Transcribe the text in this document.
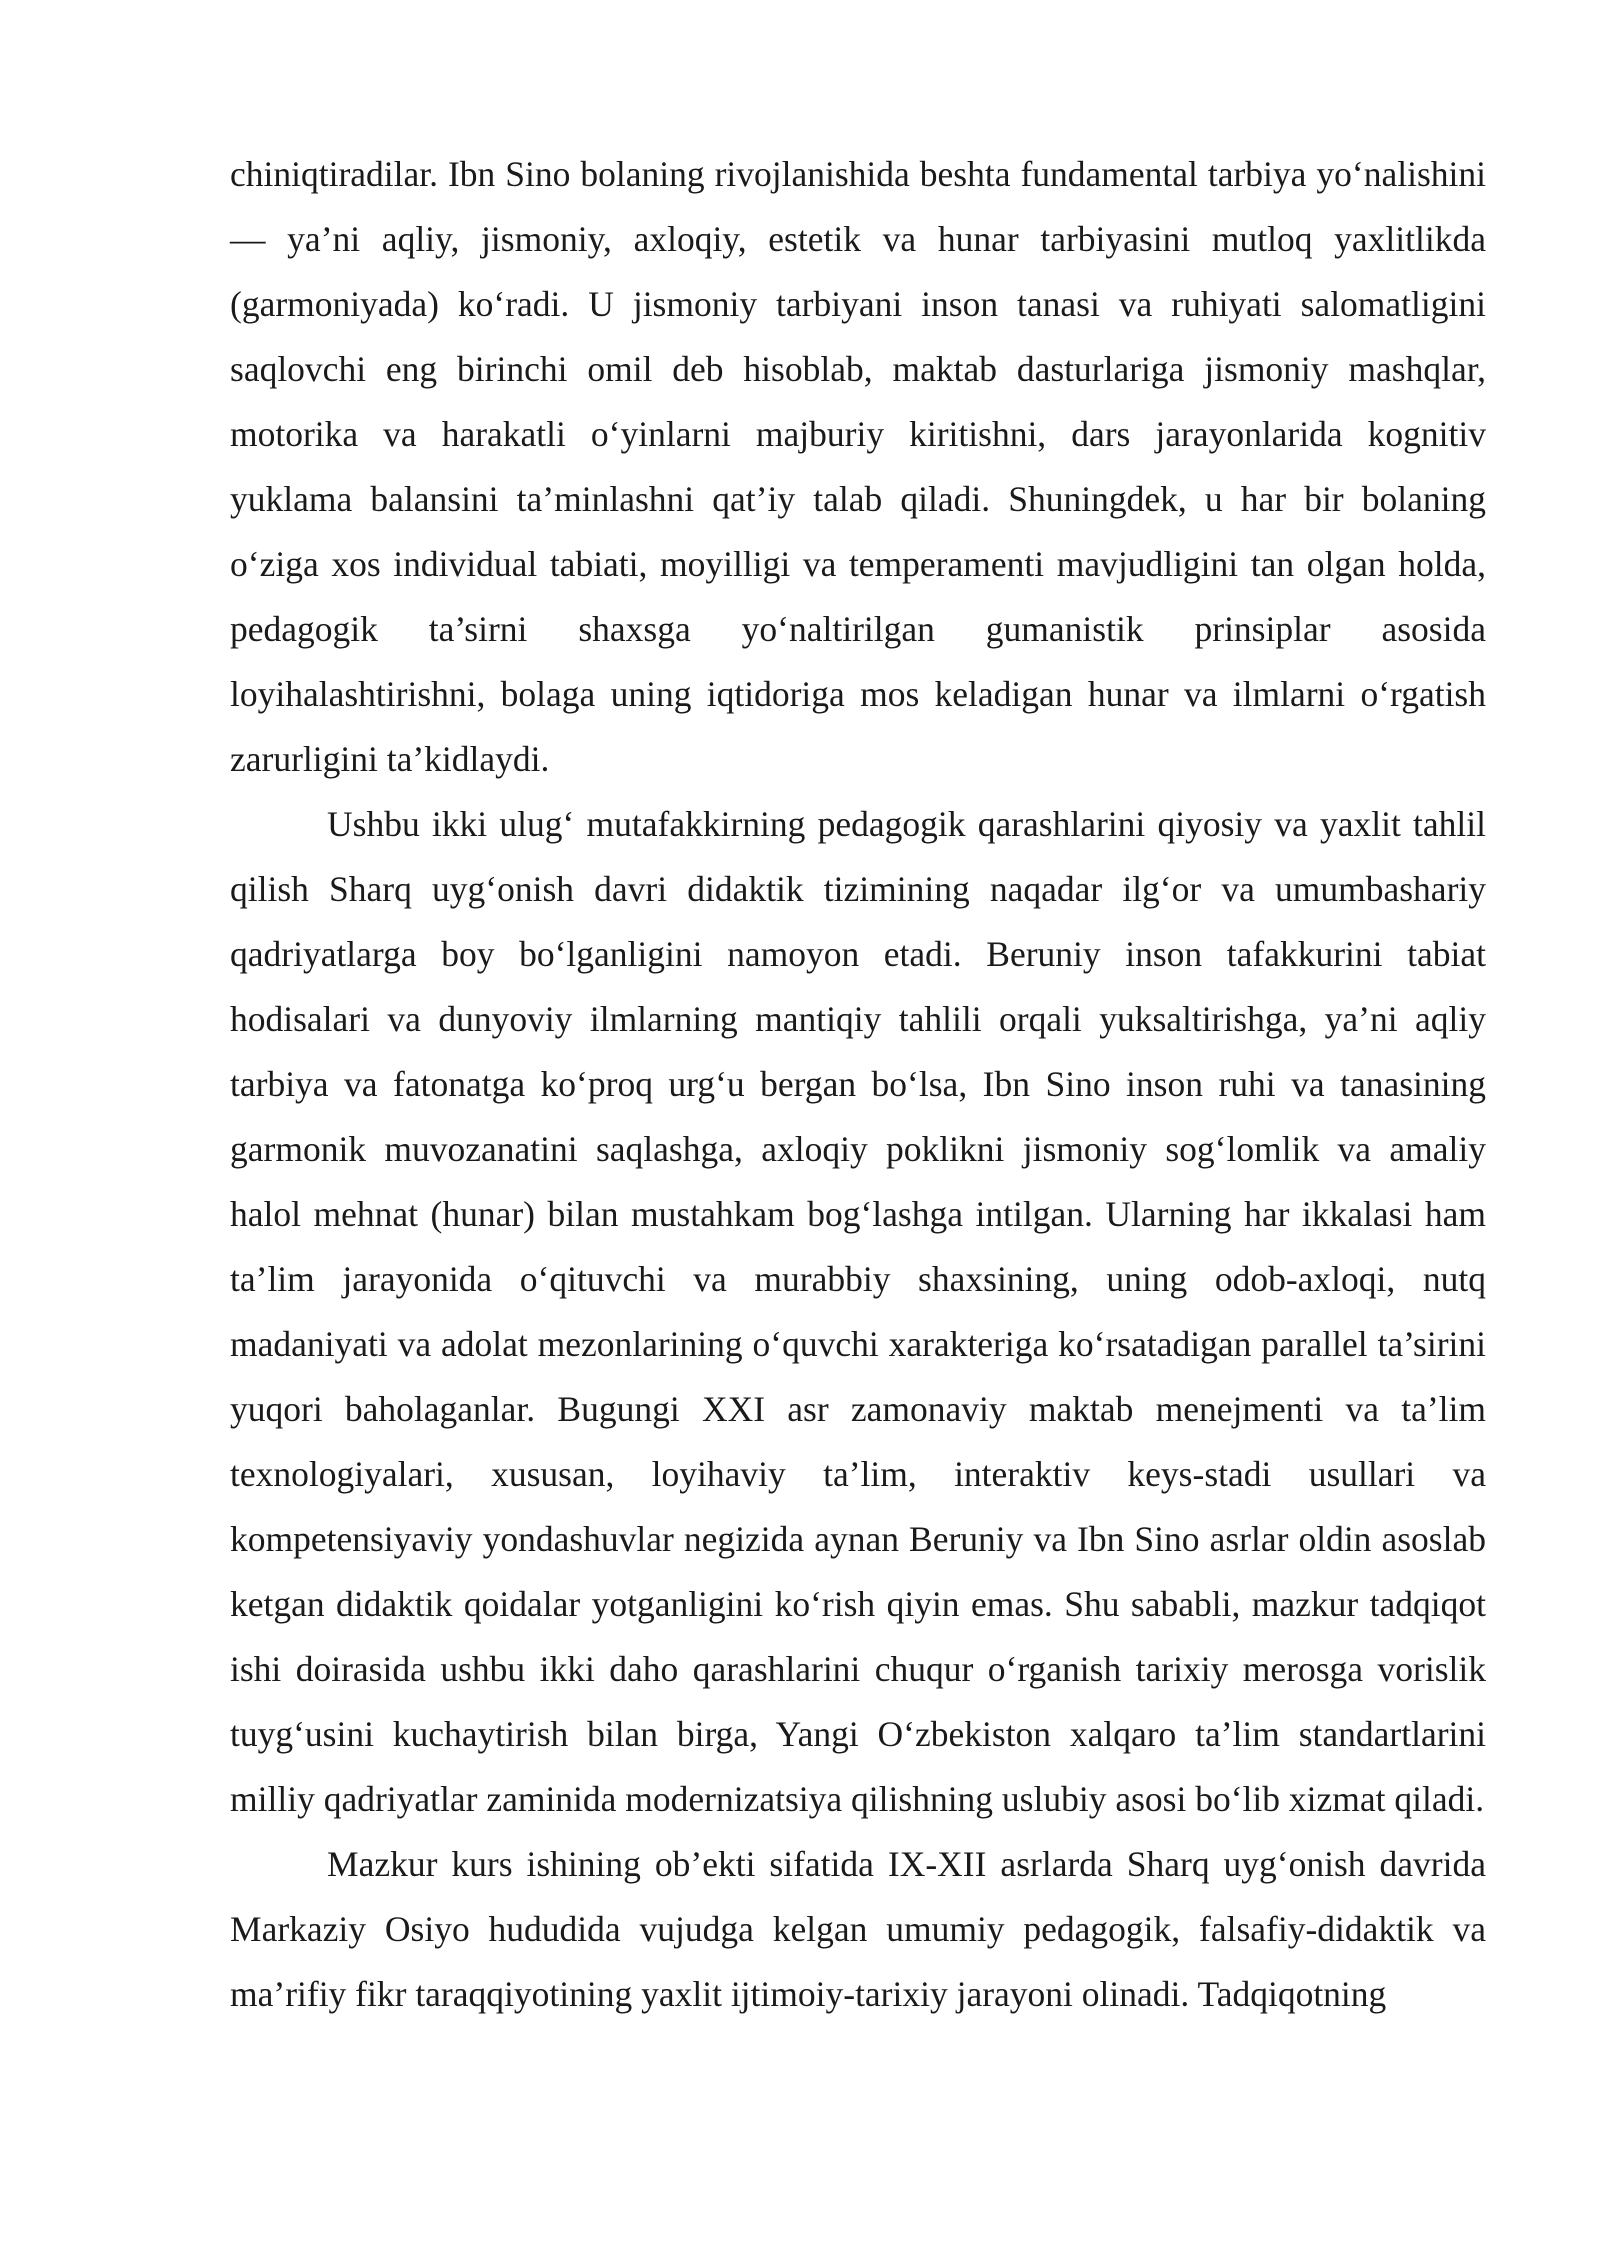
chiniqtiradilar. Ibn Sino bolaning rivojlanishida beshta fundamental tarbiya yo‘nalishini — ya’ni aqliy, jismoniy, axloqiy, estetik va hunar tarbiyasini mutloq yaxlitlikda (garmoniyada) ko‘radi. U jismoniy tarbiyani inson tanasi va ruhiyati salomatligini saqlovchi eng birinchi omil deb hisoblab, maktab dasturlariga jismoniy mashqlar, motorika va harakatli o‘yinlarni majburiy kiritishni, dars jarayonlarida kognitiv yuklama balansini ta’minlashni qat’iy talab qiladi. Shuningdek, u har bir bolaning o‘ziga xos individual tabiati, moyilligi va temperamenti mavjudligini tan olgan holda, pedagogik ta’sirni shaxsga yo‘naltirilgan gumanistik prinsiplar asosida loyihalashtirishni, bolaga uning iqtidoriga mos keladigan hunar va ilmlarni o‘rgatish zarurligini ta’kidlaydi.

Ushbu ikki ulug‘ mutafakkirning pedagogik qarashlarini qiyosiy va yaxlit tahlil qilish Sharq uyg‘onish davri didaktik tizimining naqadar ilg‘or va umumbashariy qadriyatlarga boy bo‘lganligini namoyon etadi. Beruniy inson tafakkurini tabiat hodisalari va dunyoviy ilmlarning mantiqiy tahlili orqali yuksaltirishga, ya’ni aqliy tarbiya va fatonatga ko‘proq urg‘u bergan bo‘lsa, Ibn Sino inson ruhi va tanasining garmonik muvozanatini saqlashga, axloqiy poklikni jismoniy sog‘lomlik va amaliy halol mehnat (hunar) bilan mustahkam bog‘lashga intilgan. Ularning har ikkalasi ham ta’lim jarayonida o‘qituvchi va murabbiy shaxsining, uning odob-axloqi, nutq madaniyati va adolat mezonlarining o‘quvchi xarakteriga ko‘rsatadigan parallel ta’sirini yuqori baholaganlar. Bugungi XXI asr zamonaviy maktab menejmenti va ta’lim texnologiyalari, xususan, loyihaviy ta’lim, interaktiv keys-stadi usullari va kompetensiyaviy yondashuvlar negizida aynan Beruniy va Ibn Sino asrlar oldin asoslab ketgan didaktik qoidalar yotganligini ko‘rish qiyin emas. Shu sababli, mazkur tadqiqot ishi doirasida ushbu ikki daho qarashlarini chuqur o‘rganish tarixiy merosga vorislik tuyg‘usini kuchaytirish bilan birga, Yangi O‘zbekiston xalqaro ta’lim standartlarini milliy qadriyatlar zaminida modernizatsiya qilishning uslubiy asosi bo‘lib xizmat qiladi.

Mazkur kurs ishining ob’ekti sifatida IX-XII asrlarda Sharq uyg‘onish davrida Markaziy Osiyo hududida vujudga kelgan umumiy pedagogik, falsafiy-didaktik va ma’rifiy fikr taraqqiyotining yaxlit ijtimoiy-tarixiy jarayoni olinadi. Tadqiqotning
